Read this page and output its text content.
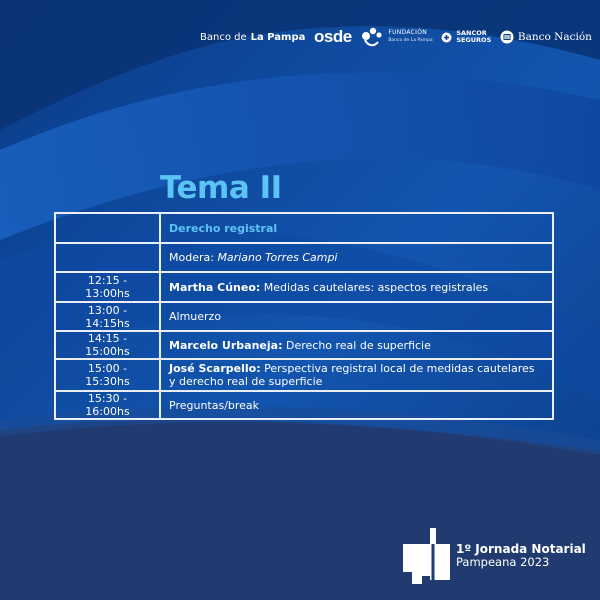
Banco de La Pampa osde	FUNDACIÓN
Banco de La Pampa
SANCOR
SEGUROS	Banco Nación
Tema II
	Derecho registral
	Modera: Mariano Torres Campi
12:15 - 13:00hs	Martha Cúneo: Medidas cautelares: aspectos registrales
13:00 - 14:15hs	Almuerzo
14:15 - 15:00hs	Marcelo Urbaneja: Derecho real de superficie
15:00 - 15:30hs	José Scarpello: Perspectiva registral local de medidas cautelares y derecho real de superficie
15:30 - 16:00hs	Preguntas/break
1º Jornada Notarial
Pampeana 2023
